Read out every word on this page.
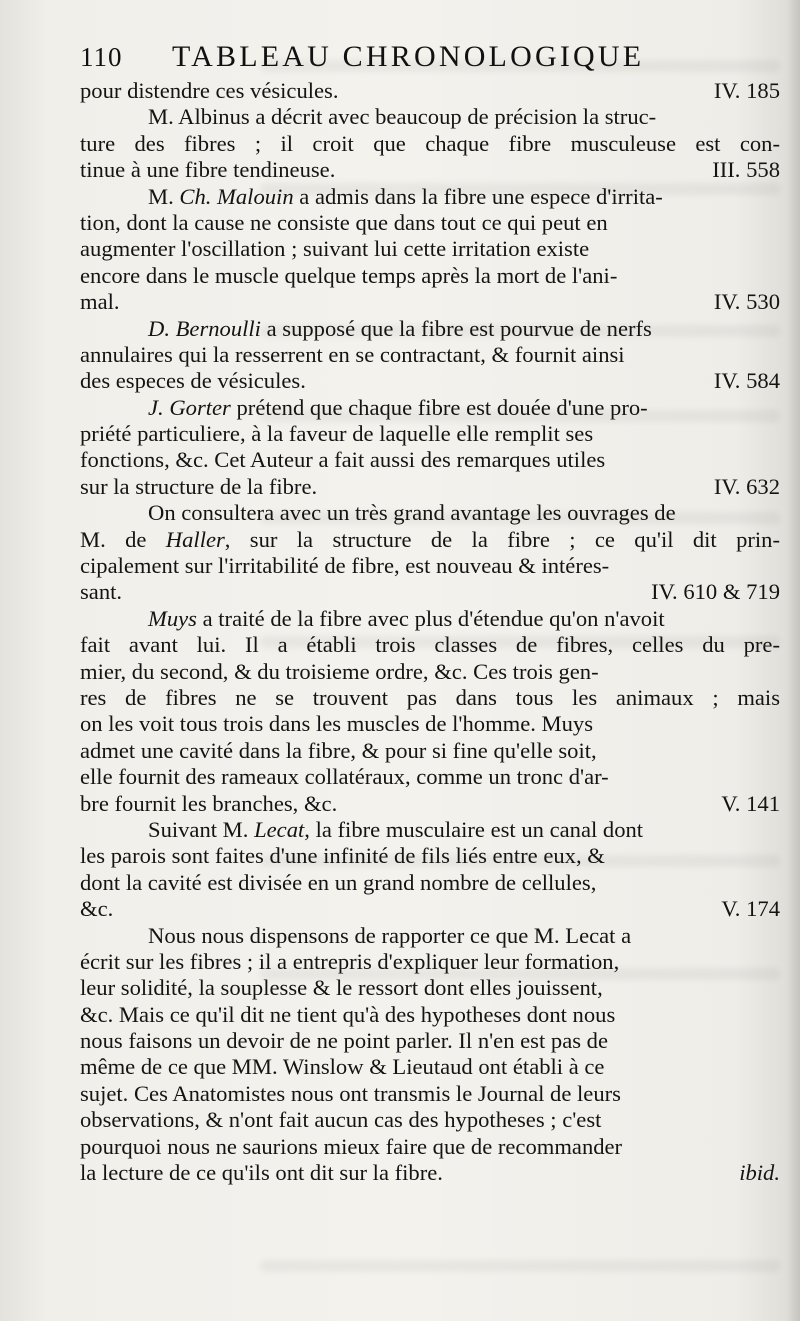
110 TABLEAU CHRONOLOGIQUE
pour distendre ces vésicules.	IV. 185
M. Albinus a décrit avec beaucoup de précision la struc-
ture des fibres ; il croit que chaque fibre musculeuse est con-
tinue à une fibre tendineuse.	III. 558
M. Ch. Malouin a admis dans la fibre une espece d'irrita-
tion, dont la cause ne consiste que dans tout ce qui peut en
augmenter l'oscillation ; suivant lui cette irritation existe
encore dans le muscle quelque temps après la mort de l'ani-
mal.	IV. 530
D. Bernoulli a supposé que la fibre est pourvue de nerfs
annulaires qui la resserrent en se contractant, & fournit ainsi
des especes de vésicules.	IV. 584
J. Gorter prétend que chaque fibre est douée d'une pro-
priété particuliere, à la faveur de laquelle elle remplit ses
fonctions, &c. Cet Auteur a fait aussi des remarques utiles
sur la structure de la fibre.	IV. 632
On consultera avec un très grand avantage les ouvrages de
M. de Haller, sur la structure de la fibre ; ce qu'il dit prin-
cipalement sur l'irritabilité de fibre, est nouveau & intéres-
sant.	IV. 610 & 719
Muys a traité de la fibre avec plus d'étendue qu'on n'avoit
fait avant lui. Il a établi trois classes de fibres, celles du pre-
mier, du second, & du troisieme ordre, &c. Ces trois gen-
res de fibres ne se trouvent pas dans tous les animaux ; mais
on les voit tous trois dans les muscles de l'homme. Muys
admet une cavité dans la fibre, & pour si fine qu'elle soit,
elle fournit des rameaux collatéraux, comme un tronc d'ar-
bre fournit les branches, &c.	V. 141
Suivant M. Lecat, la fibre musculaire est un canal dont
les parois sont faites d'une infinité de fils liés entre eux, &
dont la cavité est divisée en un grand nombre de cellules,
&c.	V. 174
Nous nous dispensons de rapporter ce que M. Lecat a
écrit sur les fibres ; il a entrepris d'expliquer leur formation,
leur solidité, la souplesse & le ressort dont elles jouissent,
&c. Mais ce qu'il dit ne tient qu'à des hypotheses dont nous
nous faisons un devoir de ne point parler. Il n'en est pas de
même de ce que MM. Winslow & Lieutaud ont établi à ce
sujet. Ces Anatomistes nous ont transmis le Journal de leurs
observations, & n'ont fait aucun cas des hypotheses ; c'est
pourquoi nous ne saurions mieux faire que de recommander
la lecture de ce qu'ils ont dit sur la fibre.	ibid.
